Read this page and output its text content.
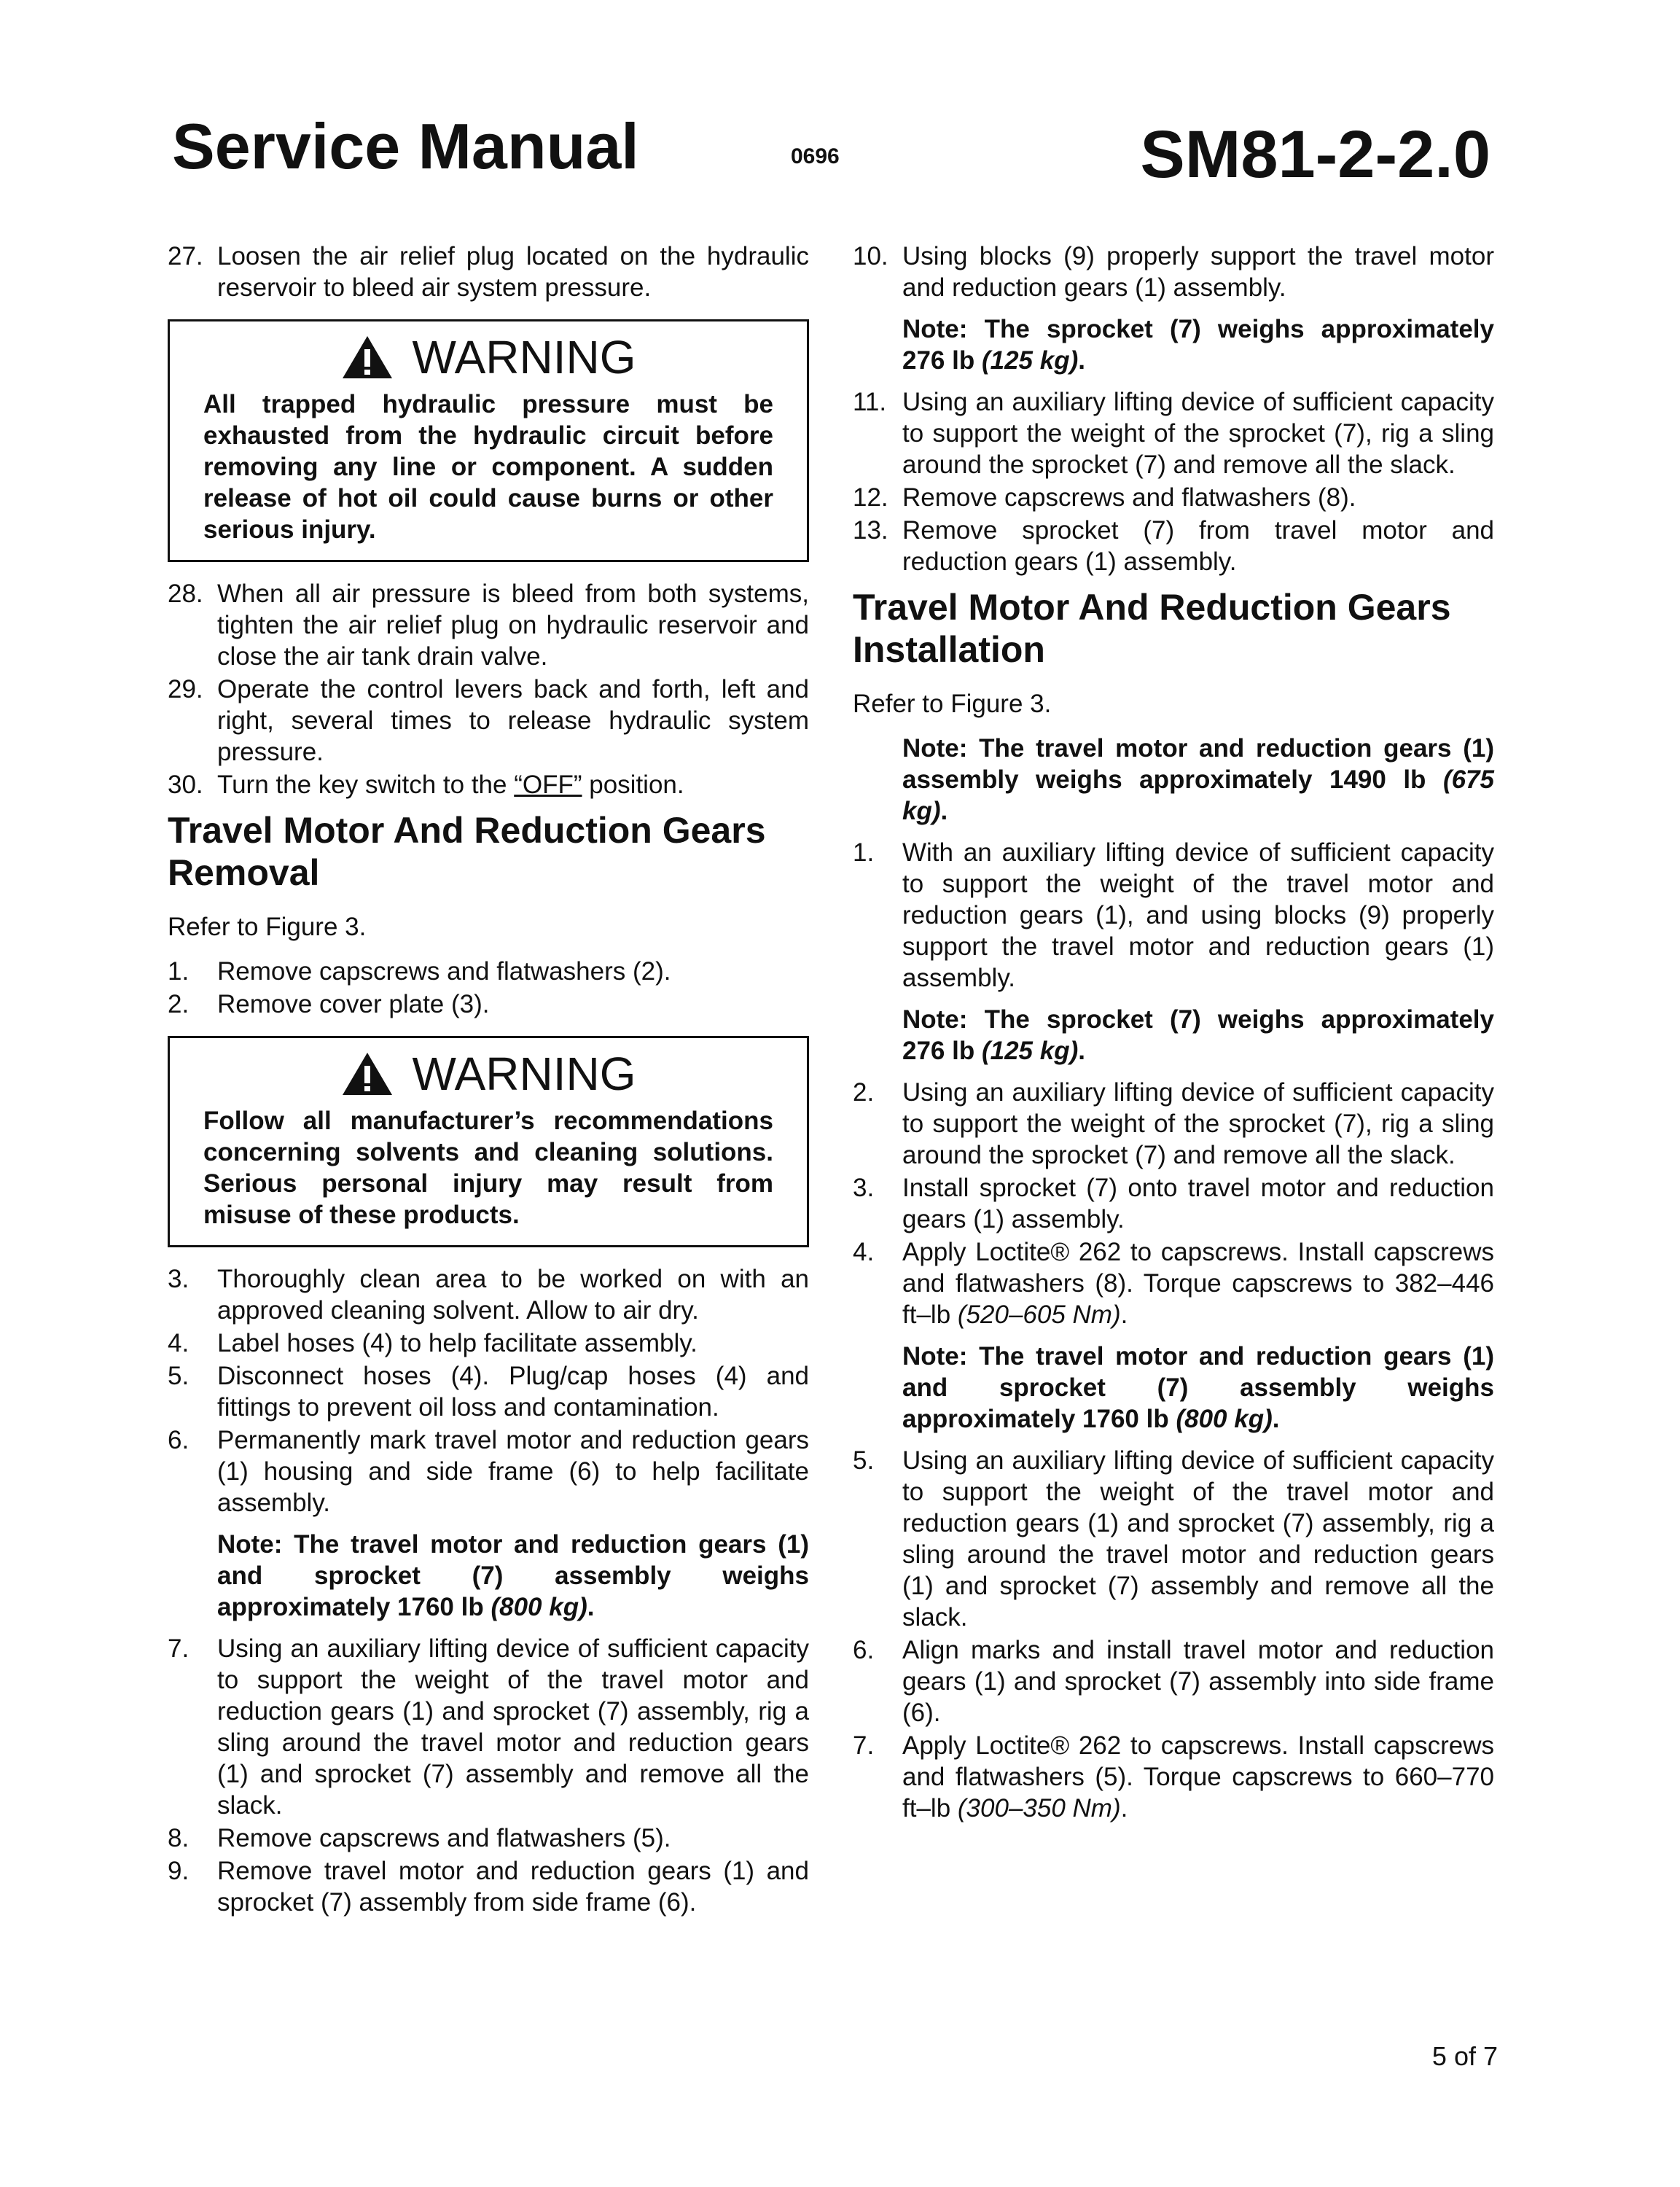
Service Manual	0696	SM81-2-2.0
27. Loosen the air relief plug located on the hydraulic reservoir to bleed air system pressure.
WARNING
All trapped hydraulic pressure must be exhausted from the hydraulic circuit before removing any line or component. A sudden release of hot oil could cause burns or other serious injury.
28. When all air pressure is bleed from both systems, tighten the air relief plug on hydraulic reservoir and close the air tank drain valve.
29. Operate the control levers back and forth, left and right, several times to release hydraulic system pressure.
30. Turn the key switch to the “OFF” position.
Travel Motor And Reduction Gears Removal
Refer to Figure 3.
1.	Remove capscrews and flatwashers (2).
2.	Remove cover plate (3).
WARNING
Follow all manufacturer’s recommendations concerning solvents and cleaning solutions. Serious personal injury may result from misuse of these products.
3.	Thoroughly clean area to be worked on with an approved cleaning solvent. Allow to air dry.
4.	Label hoses (4) to help facilitate assembly.
5.	Disconnect hoses (4). Plug/cap hoses (4) and fittings to prevent oil loss and contamination.
6.	Permanently mark travel motor and reduction gears (1) housing and side frame (6) to help facilitate assembly.
Note: The travel motor and reduction gears (1) and sprocket (7) assembly weighs approximately 1760 lb (800 kg).
7.	Using an auxiliary lifting device of sufficient capacity to support the weight of the travel motor and reduction gears (1) and sprocket (7) assembly, rig a sling around the travel motor and reduction gears (1) and sprocket (7) assembly and remove all the slack.
8.	Remove capscrews and flatwashers (5).
9.	Remove travel motor and reduction gears (1) and sprocket (7) assembly from side frame (6).
10. Using blocks (9) properly support the travel motor and reduction gears (1) assembly.
Note: The sprocket (7) weighs approximately 276 lb (125 kg).
11. Using an auxiliary lifting device of sufficient capacity to support the weight of the sprocket (7), rig a sling around the sprocket (7) and remove all the slack.
12. Remove capscrews and flatwashers (8).
13. Remove sprocket (7) from travel motor and reduction gears (1) assembly.
Travel Motor And Reduction Gears Installation
Refer to Figure 3.
Note: The travel motor and reduction gears (1) assembly weighs approximately 1490 lb (675 kg).
1.	With an auxiliary lifting device of sufficient capacity to support the weight of the travel motor and reduction gears (1), and using blocks (9) properly support the travel motor and reduction gears (1) assembly.
Note: The sprocket (7) weighs approximately 276 lb (125 kg).
2.	Using an auxiliary lifting device of sufficient capacity to support the weight of the sprocket (7), rig a sling around the sprocket (7) and remove all the slack.
3.	Install sprocket (7) onto travel motor and reduction gears (1) assembly.
4.	Apply Loctite® 262 to capscrews. Install capscrews and flatwashers (8). Torque capscrews to 382–446 ft–lb (520–605 Nm).
Note: The travel motor and reduction gears (1) and sprocket (7) assembly weighs approximately 1760 lb (800 kg).
5.	Using an auxiliary lifting device of sufficient capacity to support the weight of the travel motor and reduction gears (1) and sprocket (7) assembly, rig a sling around the travel motor and reduction gears (1) and sprocket (7) assembly and remove all the slack.
6.	Align marks and install travel motor and reduction gears (1) and sprocket (7) assembly into side frame (6).
7.	Apply Loctite® 262 to capscrews. Install capscrews and flatwashers (5). Torque capscrews to 660–770 ft–lb (300–350 Nm).
5 of 7
